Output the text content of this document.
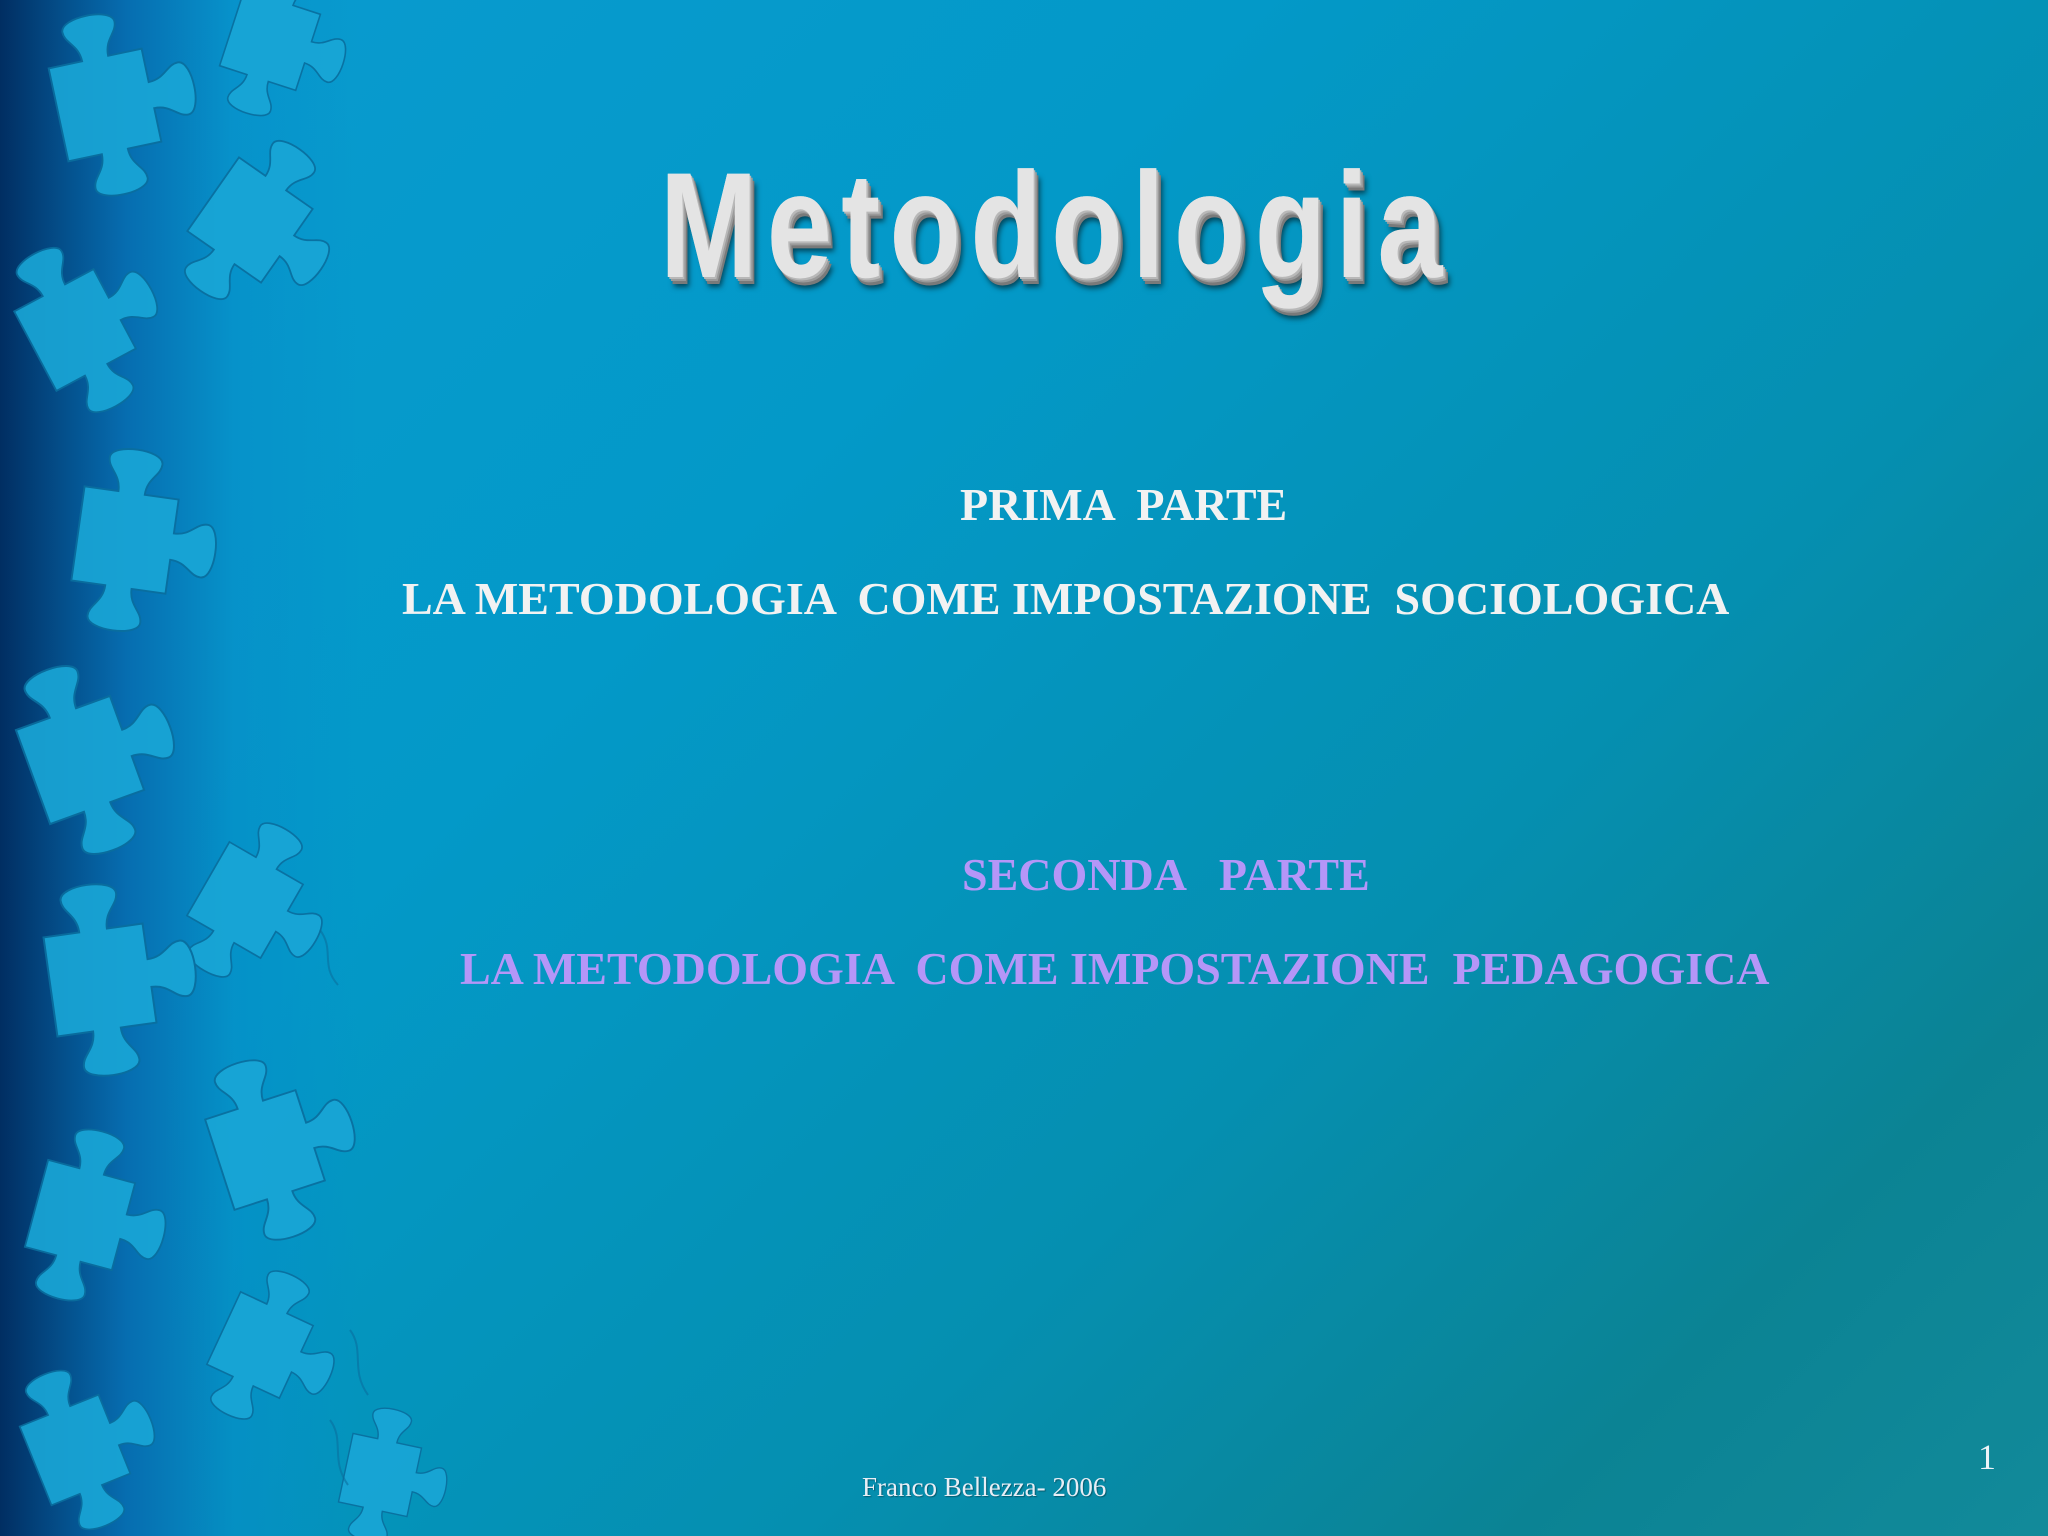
Metodologia
PRIMA  PARTE
LA METODOLOGIA  COME IMPOSTAZIONE  SOCIOLOGICA
SECONDA   PARTE
LA METODOLOGIA  COME IMPOSTAZIONE  PEDAGOGICA
Franco Bellezza- 2006
1
